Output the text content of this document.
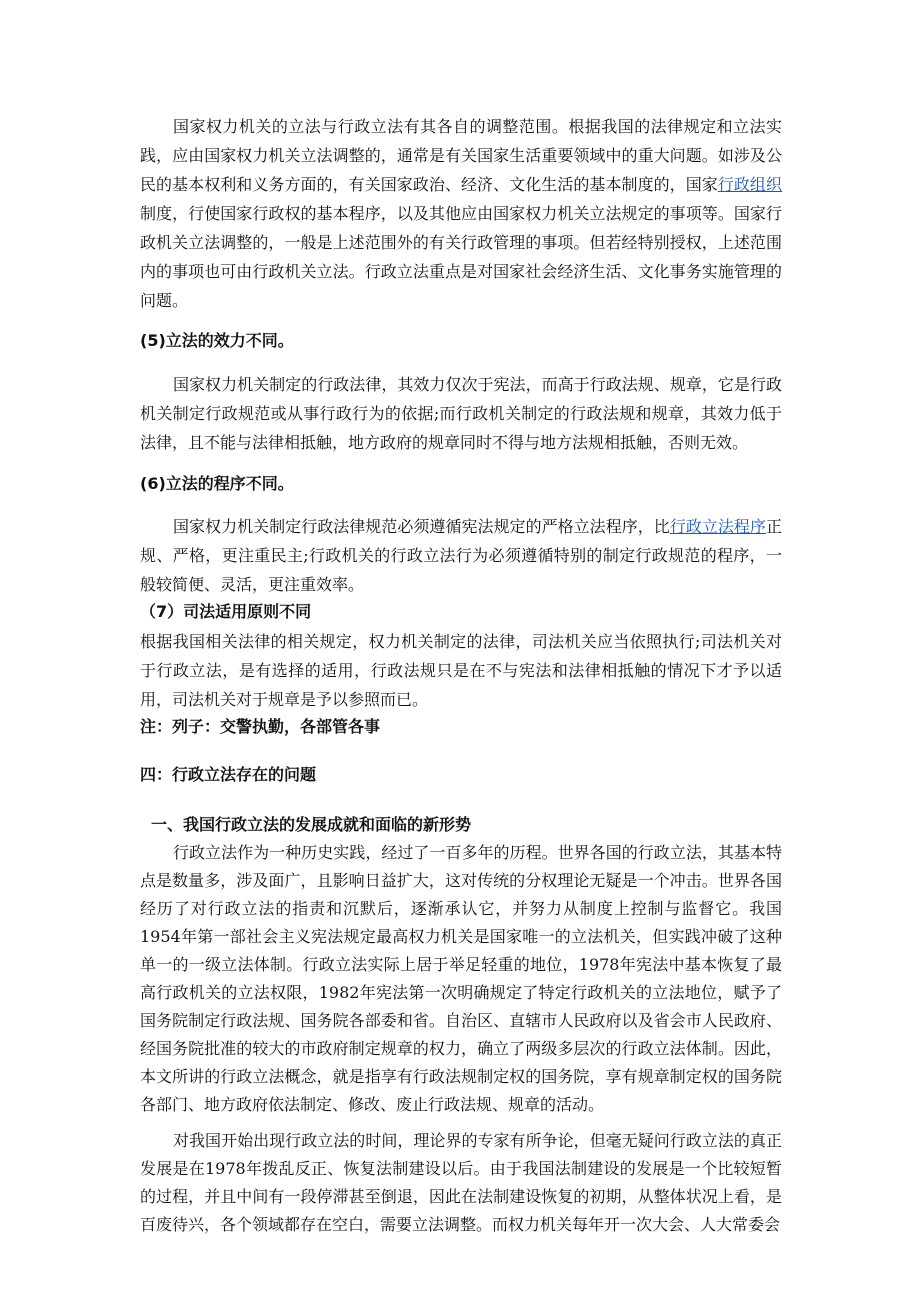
国家权力机关的立法与行政立法有其各自的调整范围。根据我国的法律规定和立法实践，应由国家权力机关立法调整的，通常是有关国家生活重要领域中的重大问题。如涉及公民的基本权利和义务方面的，有关国家政治、经济、文化生活的基本制度的，国家行政组织制度，行使国家行政权的基本程序，以及其他应由国家权力机关立法规定的事项等。国家行政机关立法调整的，一般是上述范围外的有关行政管理的事项。但若经特别授权，上述范围内的事项也可由行政机关立法。行政立法重点是对国家社会经济生活、文化事务实施管理的问题。

(5)立法的效力不同。

国家权力机关制定的行政法律，其效力仅次于宪法，而高于行政法规、规章，它是行政机关制定行政规范或从事行政行为的依据;而行政机关制定的行政法规和规章，其效力低于法律，且不能与法律相抵触，地方政府的规章同时不得与地方法规相抵触，否则无效。

(6)立法的程序不同。

国家权力机关制定行政法律规范必须遵循宪法规定的严格立法程序，比行政立法程序正规、严格，更注重民主;行政机关的行政立法行为必须遵循特别的制定行政规范的程序，一般较简便、灵活，更注重效率。

（7）司法适用原则不同

根据我国相关法律的相关规定，权力机关制定的法律，司法机关应当依照执行;司法机关对于行政立法，是有选择的适用，行政法规只是在不与宪法和法律相抵触的情况下才予以适用，司法机关对于规章是予以参照而已。

注：列子：交警执勤，各部管各事

四：行政立法存在的问题

一、我国行政立法的发展成就和面临的新形势

行政立法作为一种历史实践，经过了一百多年的历程。世界各国的行政立法，其基本特点是数量多，涉及面广，且影响日益扩大，这对传统的分权理论无疑是一个冲击。世界各国经历了对行政立法的指责和沉默后，逐渐承认它，并努力从制度上控制与监督它。我国1954年第一部社会主义宪法规定最高权力机关是国家唯一的立法机关，但实践冲破了这种单一的一级立法体制。行政立法实际上居于举足轻重的地位，1978年宪法中基本恢复了最高行政机关的立法权限，1982年宪法第一次明确规定了特定行政机关的立法地位，赋予了国务院制定行政法规、国务院各部委和省。自治区、直辖市人民政府以及省会市人民政府、经国务院批准的较大的市政府制定规章的权力，确立了两级多层次的行政立法体制。因此，本文所讲的行政立法概念，就是指享有行政法规制定权的国务院，享有规章制定权的国务院各部门、地方政府依法制定、修改、废止行政法规、规章的活动。

对我国开始出现行政立法的时间，理论界的专家有所争论，但毫无疑问行政立法的真正发展是在1978年拨乱反正、恢复法制建设以后。由于我国法制建设的发展是一个比较短暂的过程，并且中间有一段停滞甚至倒退，因此在法制建设恢复的初期，从整体状况上看，是百废待兴，各个领域都存在空白，需要立法调整。而权力机关每年开一次大会、人大常委会
